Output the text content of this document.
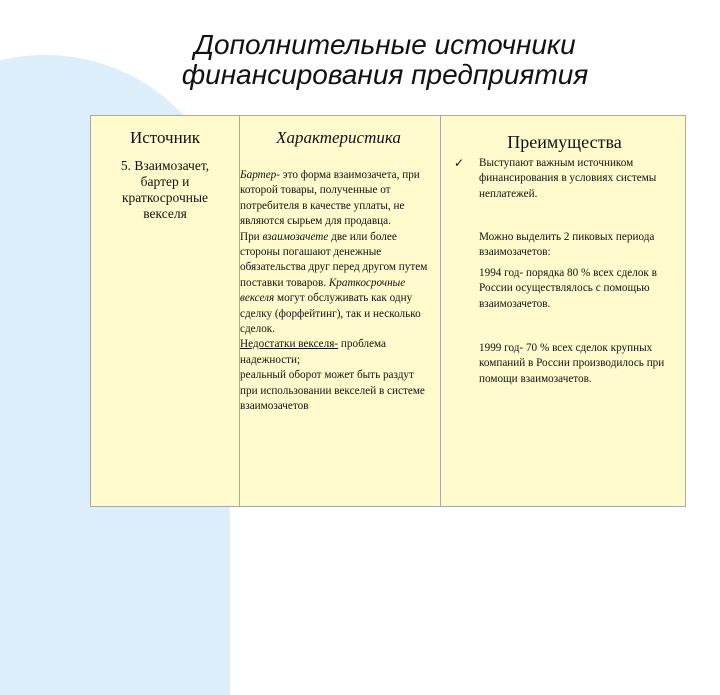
Дополнительные источники
финансирования предприятия
Источник
5. Взаимозачет,
бартер и
краткосрочные
векселя
Характеристика
Бартер- это форма взаимозачета, при которой товары, полученные от потребителя в качестве уплаты, не являются сырьем для продавца.
При взаимозачете две или более стороны погашают денежные обязательства друг перед другом путем поставки товаров. Краткосрочные векселя могут обслуживать как одну сделку (форфейтинг), так и несколько сделок.
Недостатки векселя- проблема надежности;
реальный оборот может быть раздут при использовании векселей в системе взаимозачетов
Преимущества
✓ Выступают важным источником финансирования в условиях системы неплатежей.
Можно выделить 2 пиковых периода взаимозачетов:
1994 год- порядка 80 % всех сделок в России осуществлялось с помощью взаимозачетов.
1999 год- 70 % всех сделок крупных компаний в России производилось при помощи взаимозачетов.
